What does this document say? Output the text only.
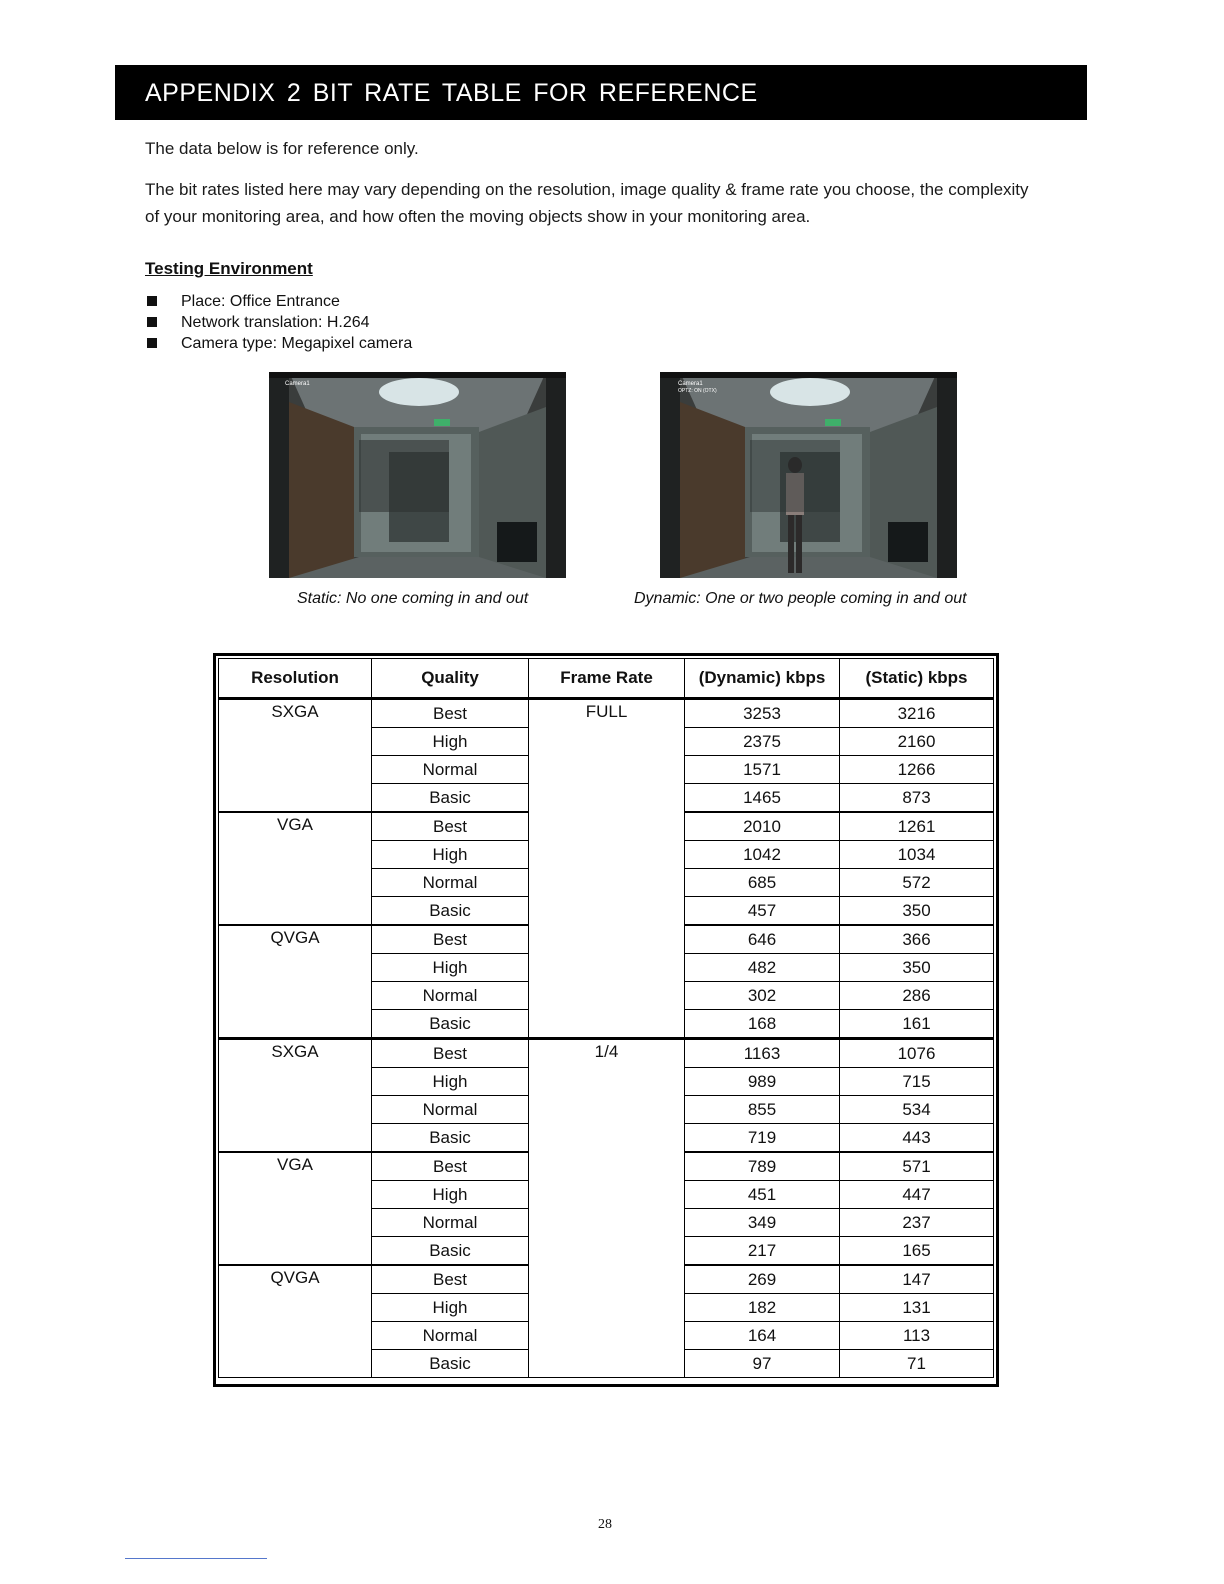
APPENDIX 2 BIT RATE TABLE FOR REFERENCE
The data below is for reference only.
The bit rates listed here may vary depending on the resolution, image quality & frame rate you choose, the complexity of your monitoring area, and how often the moving objects show in your monitoring area.
Testing Environment
Place: Office Entrance
Network translation: H.264
Camera type: Megapixel camera
Camera1	Camera1
OPTZ: ON (OTX)
Static: No one coming in and out	Dynamic: One or two people coming in and out
Resolution	Quality	Frame Rate	(Dynamic) kbps	(Static) kbps
SXGA	Best	FULL	3253	3216
	High		2375	2160
	Normal		1571	1266
	Basic		1465	873
VGA	Best		2010	1261
	High		1042	1034
	Normal		685	572
	Basic		457	350
QVGA	Best		646	366
	High		482	350
	Normal		302	286
	Basic		168	161
SXGA	Best	1/4	1163	1076
	High		989	715
	Normal		855	534
	Basic		719	443
VGA	Best		789	571
	High		451	447
	Normal		349	237
	Basic		217	165
QVGA	Best		269	147
	High		182	131
	Normal		164	113
	Basic		97	71
28
